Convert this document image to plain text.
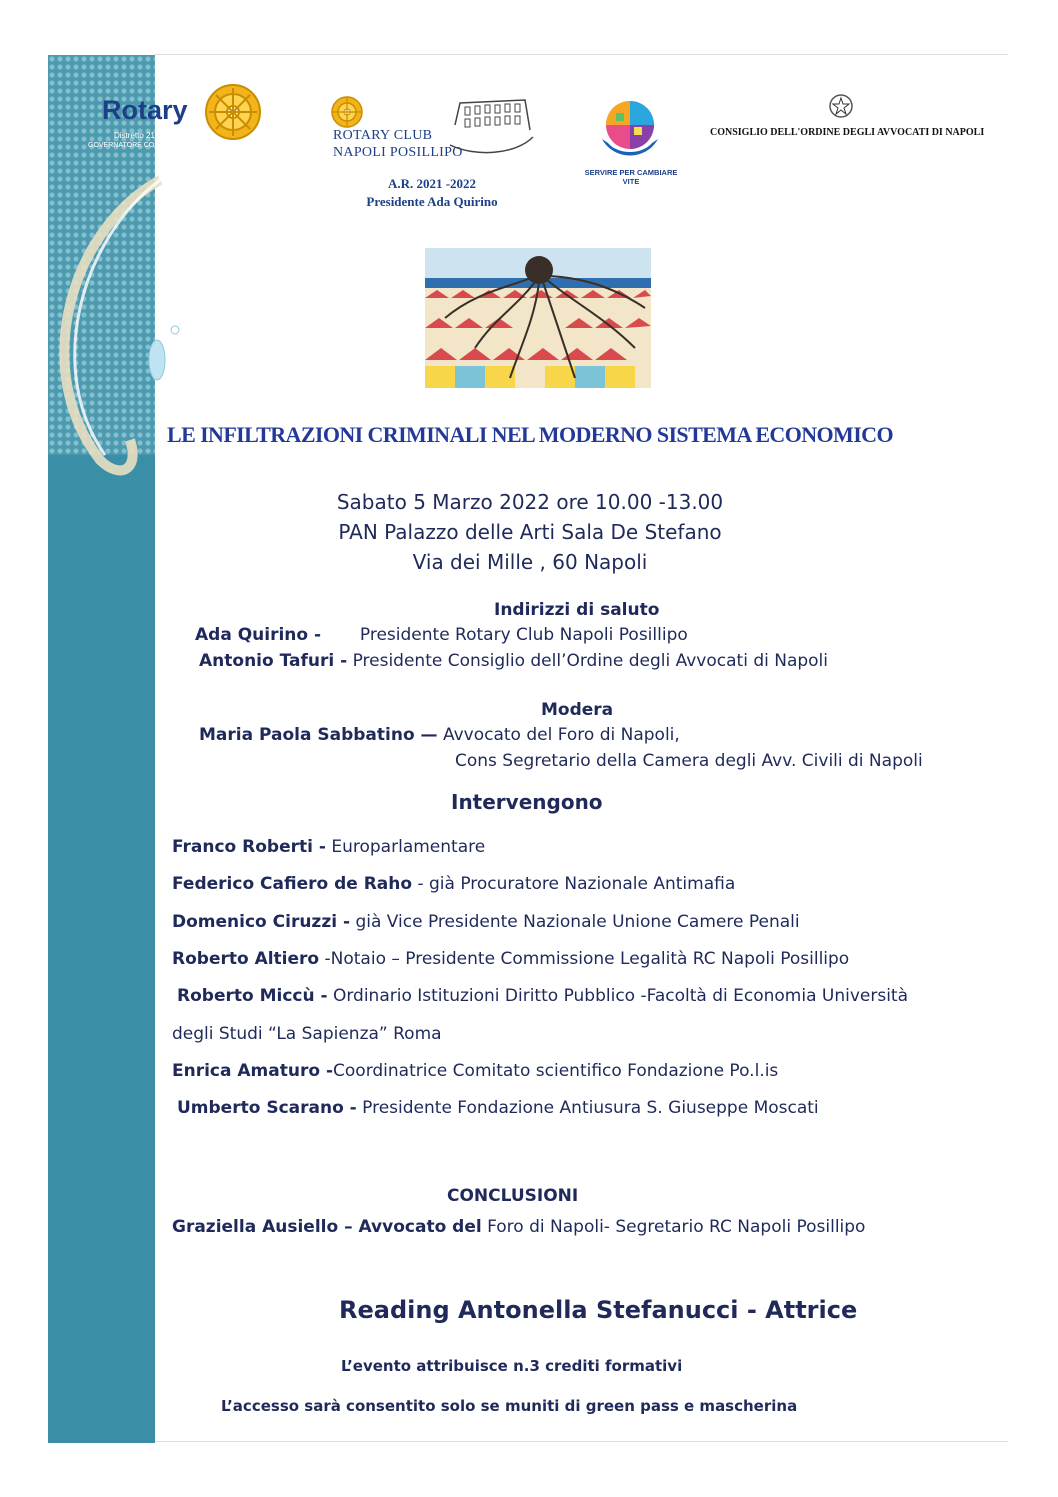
Rotary
Distretto 2101 - Italia
GOVERNATORE COSTANTINO ASTARITA DG 2021/2022
ROTARY CLUB
NAPOLI POSILLIPO
A.R. 2021 -2022
Presidente Ada Quirino
SERVIRE PER CAMBIARE VITE
CONSIGLIO DELL'ORDINE DEGLI AVVOCATI DI NAPOLI
LE INFILTRAZIONI CRIMINALI NEL MODERNO SISTEMA ECONOMICO
Sabato 5 Marzo 2022 ore 10.00 -13.00
PAN Palazzo delle Arti Sala De Stefano
Via dei Mille , 60 Napoli
Indirizzi di saluto
Ada Quirino - Presidente Rotary Club Napoli Posillipo
Antonio Tafuri - Presidente Consiglio dell’Ordine degli Avvocati di Napoli
Modera
Maria Paola Sabbatino — Avvocato del Foro di Napoli,
Cons Segretario della Camera degli Avv. Civili di Napoli
Intervengono
Franco Roberti - Europarlamentare
Federico Cafiero de Raho - già Procuratore Nazionale Antimafia
Domenico Ciruzzi - già Vice Presidente Nazionale Unione Camere Penali
Roberto Altiero -Notaio – Presidente Commissione Legalità RC Napoli Posillipo
Roberto Miccù - Ordinario Istituzioni Diritto Pubblico -Facoltà di Economia Università
degli Studi “La Sapienza” Roma
Enrica Amaturo -Coordinatrice Comitato scientifico Fondazione Po.l.is
Umberto Scarano - Presidente Fondazione Antiusura S. Giuseppe Moscati
CONCLUSIONI
Graziella Ausiello – Avvocato del Foro di Napoli- Segretario RC Napoli Posillipo
Reading Antonella Stefanucci - Attrice
L’evento attribuisce n.3 crediti formativi
L’accesso sarà consentito solo se muniti di green pass e mascherina
